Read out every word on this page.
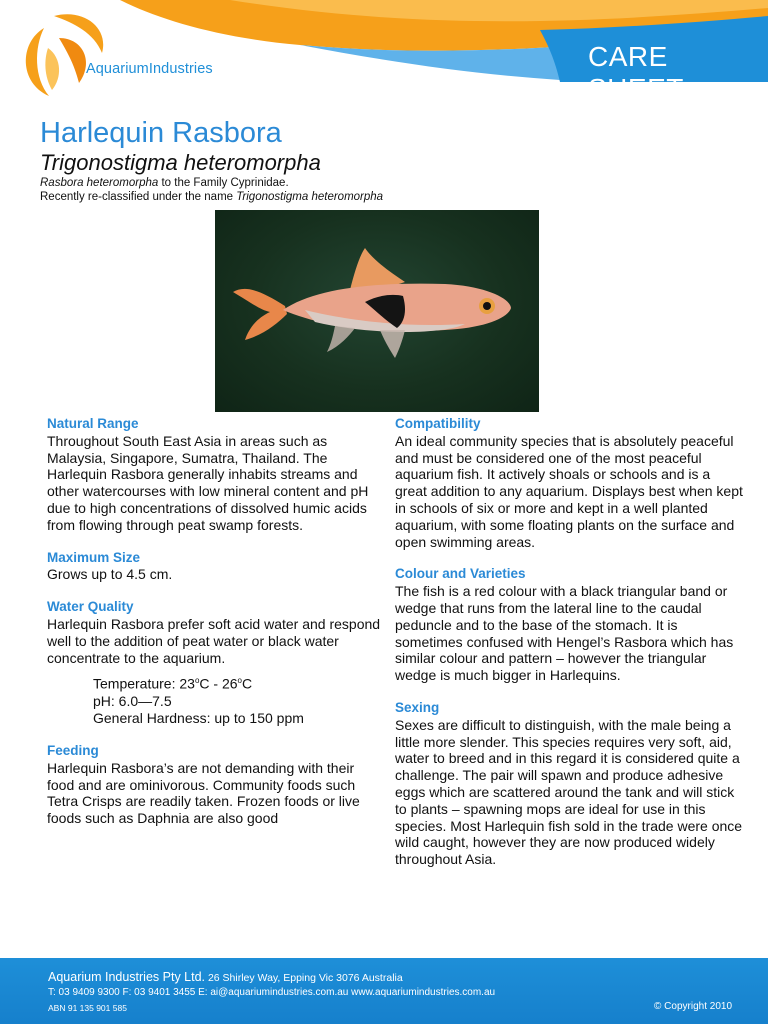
AquariumIndustries	CARE SHEET
Harlequin Rasbora
Trigonostigma heteromorpha
Rasbora heteromorpha to the Family Cyprinidae.
Recently re-classified under the name Trigonostigma heteromorpha
Natural Range
Throughout South East Asia in areas such as Malaysia, Singapore, Sumatra, Thailand. The Harlequin Rasbora generally inhabits streams and other watercourses with low mineral content and pH due to high concentrations of dissolved humic acids from flowing through peat swamp forests.
Maximum Size
Grows up to 4.5 cm.
Water Quality
Harlequin Rasbora prefer soft acid water and respond well to the addition of peat water or black water concentrate to the aquarium.
Temperature: 23$^o$C - 26$^o$C
pH: 6.0—7.5
General Hardness: up to 150 ppm
Feeding
Harlequin Rasbora’s are not demanding with their food and are ominivorous. Community foods such Tetra Crisps are readily taken. Frozen foods or live foods such as Daphnia are also good
Compatibility
An ideal community species that is absolutely peaceful and must be considered one of the most peaceful aquarium fish. It actively shoals or schools and is a great addition to any aquarium. Displays best when kept in schools of six or more and kept in a well planted aquarium, with some floating plants on the surface and open swimming areas.
Colour and Varieties
The fish is a red colour with a black triangular band or wedge that runs from the lateral line to the caudal peduncle and to the base of the stomach. It is sometimes confused with Hengel’s Rasbora which has similar colour and pattern – however the triangular wedge is much bigger in Harlequins.
Sexing
Sexes are difficult to distinguish, with the male being a little more slender. This species requires very soft, aid, water to breed and in this regard it is considered quite a challenge. The pair will spawn and produce adhesive eggs which are scattered around the tank and will stick to plants – spawning mops are ideal for use in this species. Most Harlequin fish sold in the trade were once wild caught, however they are now produced widely throughout Asia.
Aquarium Industries Pty Ltd. 26 Shirley Way, Epping Vic 3076 Australia
T: 03 9409 9300 F: 03 9401 3455 E: ai@aquariumindustries.com.au www.aquariumindustries.com.au
ABN 91 135 901 585	© Copyright 2010
